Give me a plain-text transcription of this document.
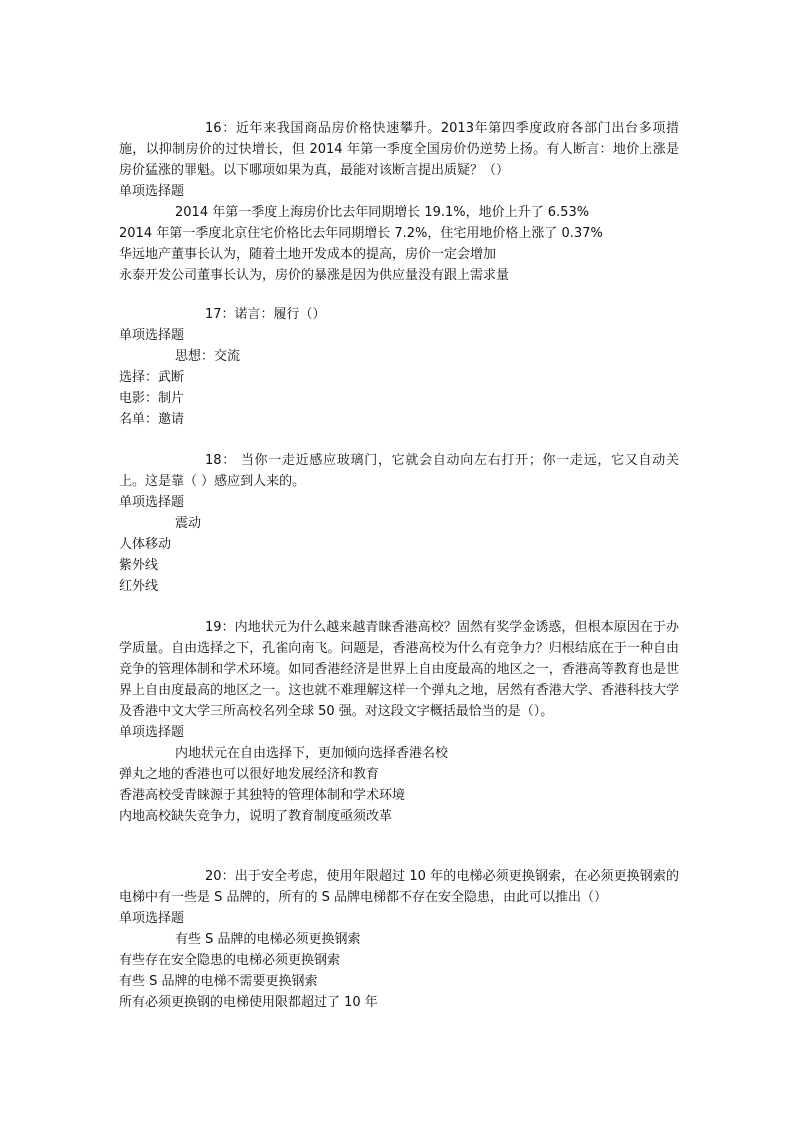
16：近年来我国商品房价格快速攀升。2013年第四季度政府各部门出台多项措施，以抑制房价的过快增长，但 2014 年第一季度全国房价仍逆势上扬。有人断言：地价上涨是房价猛涨的罪魁。以下哪项如果为真，最能对该断言提出质疑？（）

单项选择题

2014 年第一季度上海房价比去年同期增长 19.1%，地价上升了 6.53%

2014 年第一季度北京住宅价格比去年同期增长 7.2%，住宅用地价格上涨了 0.37%

华远地产董事长认为，随着土地开发成本的提高，房价一定会增加

永泰开发公司董事长认为，房价的暴涨是因为供应量没有跟上需求量

17：诺言：履行（）

单项选择题

思想：交流

选择：武断

电影：制片

名单：邀请

18： 当你一走近感应玻璃门，它就会自动向左右打开；你一走远，它又自动关上。这是靠（ ）感应到人来的。

单项选择题

震动

人体移动

紫外线

红外线

19：内地状元为什么越来越青睐香港高校？固然有奖学金诱惑，但根本原因在于办学质量。自由选择之下，孔雀向南飞。问题是，香港高校为什么有竞争力？归根结底在于一种自由竞争的管理体制和学术环境。如同香港经济是世界上自由度最高的地区之一，香港高等教育也是世界上自由度最高的地区之一。这也就不难理解这样一个弹丸之地，居然有香港大学、香港科技大学及香港中文大学三所高校名列全球 50 强。对这段文字概括最恰当的是（）。

单项选择题

内地状元在自由选择下，更加倾向选择香港名校

弹丸之地的香港也可以很好地发展经济和教育

香港高校受青睐源于其独特的管理体制和学术环境

内地高校缺失竞争力，说明了教育制度亟须改革

20：出于安全考虑，使用年限超过 10 年的电梯必须更换钢索，在必须更换钢索的电梯中有一些是 S 品牌的，所有的 S 品牌电梯都不存在安全隐患，由此可以推出（）

单项选择题

有些 S 品牌的电梯必须更换钢索

有些存在安全隐患的电梯必须更换钢索

有些 S 品牌的电梯不需要更换钢索

所有必须更换钢的电梯使用限都超过了 10 年
